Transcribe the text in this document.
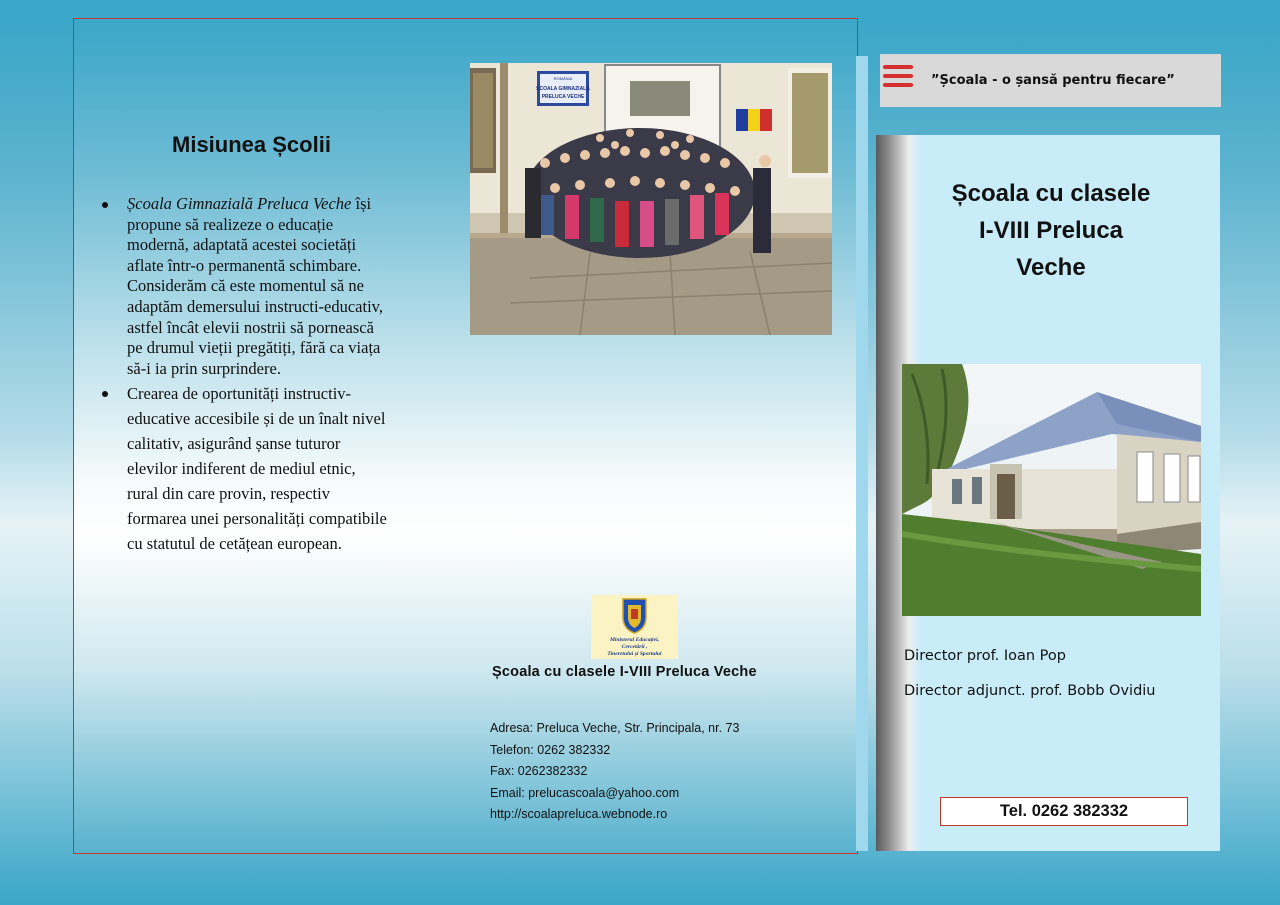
Misiunea Școlii
Școala Gimnazială Preluca Veche își propune să realizeze o educație modernă, adaptată acestei societăți aflate într-o permanentă schimbare. Considerăm că este momentul să ne adaptăm demersului instructi-educativ, astfel încât elevii nostrii să pornească pe drumul vieții pregătiți, fără ca viața să-i ia prin surprindere.
Crearea de oportunități instructiv-educative accesibile și de un înalt nivel calitativ, asigurând șanse tuturor elevilor indiferent de mediul etnic, rural din care provin, respectiv formarea unei personalități compatibile cu statutul de cetățean european.
ROMÂNIA
ȘCOALA GIMNAZIALĂ
PRELUCA VECHE
Ministerul Educației,
Cercetării ,
Tineretului și Sportului
Școala cu clasele I-VIII Preluca Veche
Adresa: Preluca Veche, Str. Principala, nr. 73
Telefon: 0262 382332
Fax: 0262382332
Email: prelucascoala@yahoo.com
http://scoalapreluca.webnode.ro
”Școala - o șansă pentru fiecare”
Școala cu clasele
I-VIII Preluca
Veche
Director prof. Ioan Pop
Director adjunct. prof. Bobb Ovidiu
Tel. 0262 382332
